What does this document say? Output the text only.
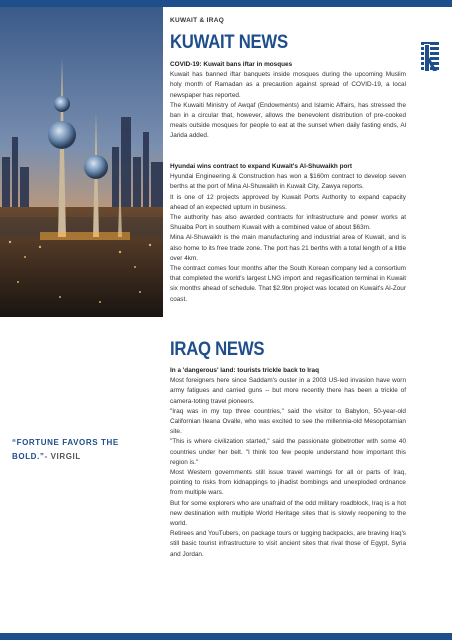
KUWAIT & IRAQ
KUWAIT NEWS

COVID-19: Kuwait bans iftar in mosques

Kuwait has banned iftar banquets inside mosques during the upcoming Muslim holy month of Ramadan as a precaution against spread of COVID-19, a local newspaper has reported.

The Kuwaiti Ministry of Awqaf (Endowments) and Islamic Affairs, has stressed the ban in a circular that, however, allows the benevolent distribution of pre-cooked meals outside mosques for people to eat at the sunset when daily fasting ends, Al Jarida added.

Hyundai wins contract to expand Kuwait's Al-Shuwaikh port

Hyundai Engineering & Construction has won a $160m contract to develop seven berths at the port of Mina Al-Shuwaikh in Kuwait City, Zawya reports.

It is one of 12 projects approved by Kuwait Ports Authority to expand capacity ahead of an expected upturn in business.

The authority has also awarded contracts for infrastructure and power works at Shuaiba Port in southern Kuwait with a combined value of about $63m.

Mina Al-Shuwaikh is the main manufacturing and industrial area of Kuwait, and is also home to its free trade zone. The port has 21 berths with a total length of a little over 4km.

The contract comes four months after the South Korean company led a consortium that completed the world's largest LNG import and regasification terminal in Kuwait six months ahead of schedule. That $2.9bn project was located on Kuwait's Al-Zour coast.

IRAQ NEWS

In a 'dangerous' land: tourists trickle back to Iraq

Most foreigners here since Saddam's ouster in a 2003 US-led invasion have worn army fatigues and carried guns -- but more recently there has been a trickle of camera-toting travel pioneers.

"Iraq was in my top three countries," said the visitor to Babylon, 50-year-old Californian Ileana Ovalle, who was excited to see the millennia-old Mesopotamian site.

"This is where civilization started," said the passionate globetrotter with some 40 countries under her belt. "I think too few people understand how important this region is."

Most Western governments still issue travel warnings for all or parts of Iraq, pointing to risks from kidnappings to jihadist bombings and unexploded ordnance from multiple wars.

But for some explorers who are unafraid of the odd military roadblock, Iraq is a hot new destination with multiple World Heritage sites that is slowly reopening to the world.

Retirees and YouTubers, on package tours or lugging backpacks, are braving Iraq's still basic tourist infrastructure to visit ancient sites that rival those of Egypt, Syria and Jordan.

“FORTUNE FAVORS THE BOLD.”- VIRGIL
